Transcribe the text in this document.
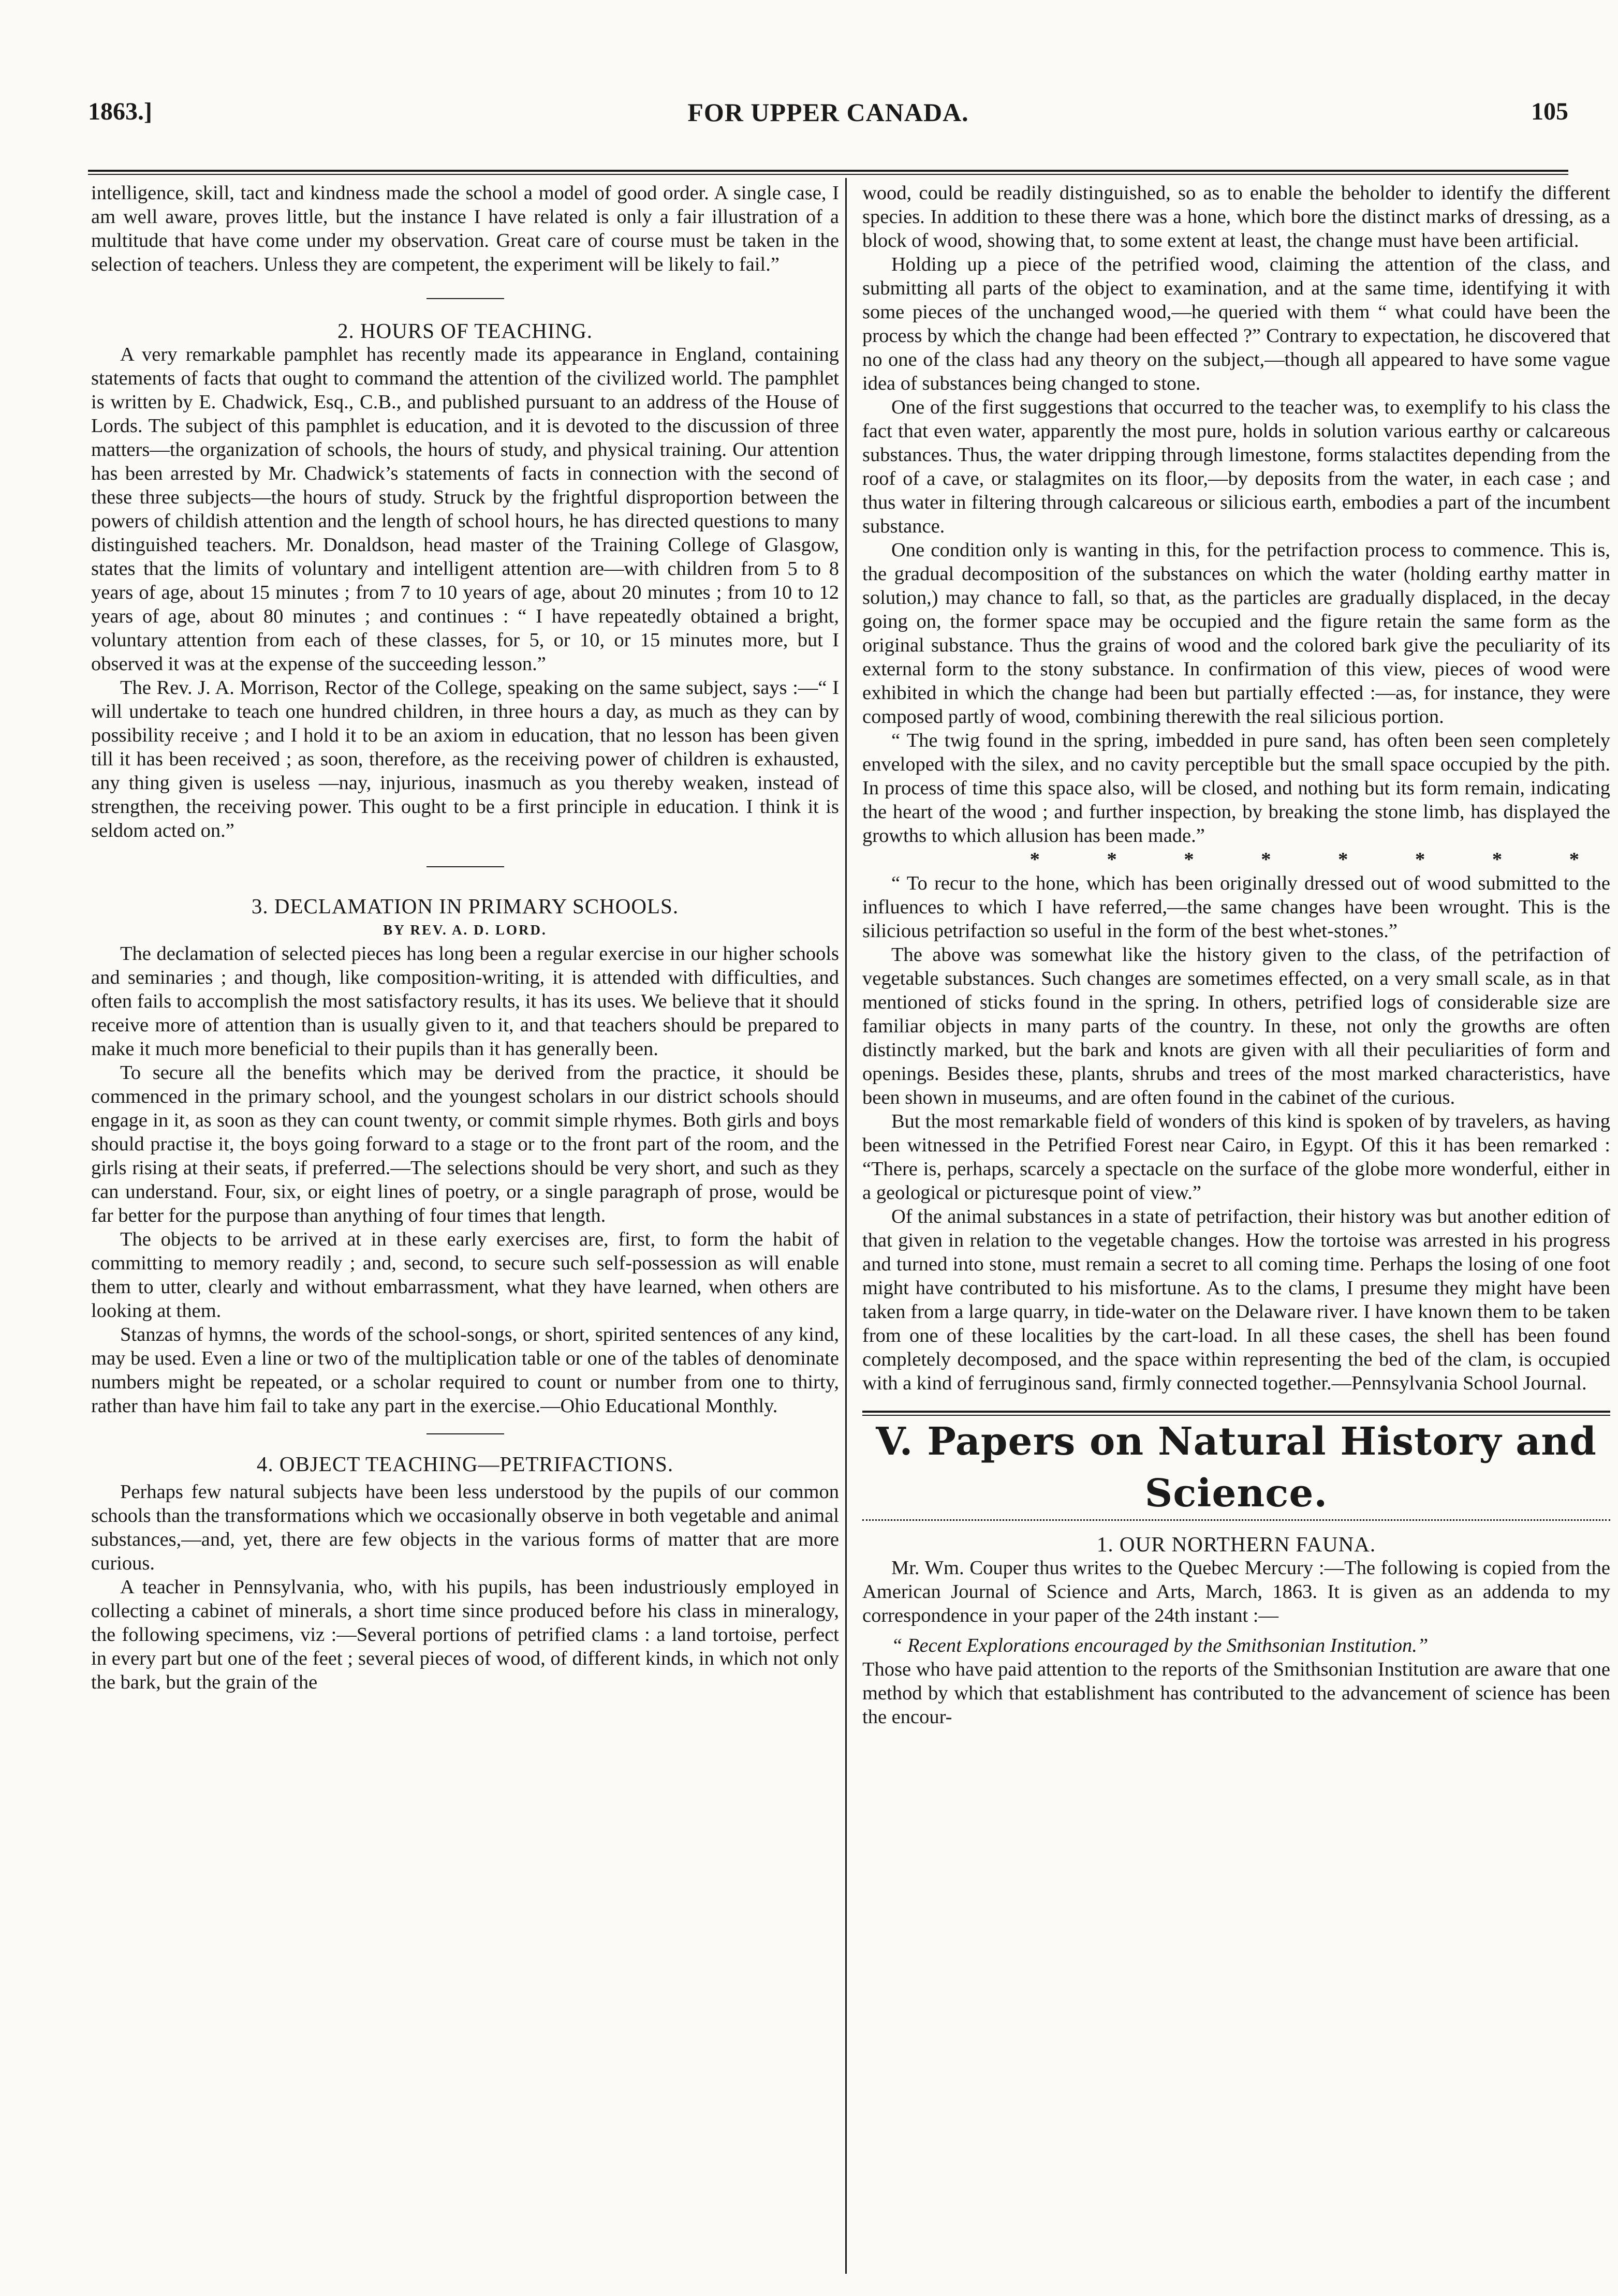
1863.]	FOR UPPER CANADA.	105

intelligence, skill, tact and kindness made the school a model of good order. A single case, I am well aware, proves little, but the instance I have related is only a fair illustration of a multitude that have come under my observation. Great care of course must be taken in the selection of teachers. Unless they are competent, the experiment will be likely to fail.”

2. HOURS OF TEACHING.

A very remarkable pamphlet has recently made its appearance in England, containing statements of facts that ought to command the attention of the civilized world. The pamphlet is written by E. Chadwick, Esq., C.B., and published pursuant to an address of the House of Lords. The subject of this pamphlet is education, and it is devoted to the discussion of three matters—the organization of schools, the hours of study, and physical training. Our attention has been arrested by Mr. Chadwick’s statements of facts in connection with the second of these three subjects—the hours of study. Struck by the frightful disproportion between the powers of childish attention and the length of school hours, he has directed questions to many distinguished teachers. Mr. Donaldson, head master of the Training College of Glasgow, states that the limits of voluntary and intelligent attention are—with children from 5 to 8 years of age, about 15 minutes ; from 7 to 10 years of age, about 20 minutes ; from 10 to 12 years of age, about 80 minutes ; and continues : “ I have repeatedly obtained a bright, voluntary attention from each of these classes, for 5, or 10, or 15 minutes more, but I observed it was at the expense of the succeeding lesson.”

The Rev. J. A. Morrison, Rector of the College, speaking on the same subject, says :—“ I will undertake to teach one hundred children, in three hours a day, as much as they can by possibility receive ; and I hold it to be an axiom in education, that no lesson has been given till it has been received ; as soon, therefore, as the receiving power of children is exhausted, any thing given is useless —nay, injurious, inasmuch as you thereby weaken, instead of strengthen, the receiving power. This ought to be a first principle in education. I think it is seldom acted on.”

3. DECLAMATION IN PRIMARY SCHOOLS.
BY REV. A. D. LORD.

The declamation of selected pieces has long been a regular exercise in our higher schools and seminaries ; and though, like composition-writing, it is attended with difficulties, and often fails to accomplish the most satisfactory results, it has its uses. We believe that it should receive more of attention than is usually given to it, and that teachers should be prepared to make it much more beneficial to their pupils than it has generally been.

To secure all the benefits which may be derived from the practice, it should be commenced in the primary school, and the youngest scholars in our district schools should engage in it, as soon as they can count twenty, or commit simple rhymes. Both girls and boys should practise it, the boys going forward to a stage or to the front part of the room, and the girls rising at their seats, if preferred.—The selections should be very short, and such as they can understand. Four, six, or eight lines of poetry, or a single paragraph of prose, would be far better for the purpose than anything of four times that length.

The objects to be arrived at in these early exercises are, first, to form the habit of committing to memory readily ; and, second, to secure such self-possession as will enable them to utter, clearly and without embarrassment, what they have learned, when others are looking at them.

Stanzas of hymns, the words of the school-songs, or short, spirited sentences of any kind, may be used. Even a line or two of the multiplication table or one of the tables of denominate numbers might be repeated, or a scholar required to count or number from one to thirty, rather than have him fail to take any part in the exercise.—Ohio Educational Monthly.

4. OBJECT TEACHING—PETRIFACTIONS.

Perhaps few natural subjects have been less understood by the pupils of our common schools than the transformations which we occasionally observe in both vegetable and animal substances,—and, yet, there are few objects in the various forms of matter that are more curious.

A teacher in Pennsylvania, who, with his pupils, has been industriously employed in collecting a cabinet of minerals, a short time since produced before his class in mineralogy, the following specimens, viz :—Several portions of petrified clams : a land tortoise, perfect in every part but one of the feet ; several pieces of wood, of different kinds, in which not only the bark, but the grain of the

wood, could be readily distinguished, so as to enable the beholder to identify the different species. In addition to these there was a hone, which bore the distinct marks of dressing, as a block of wood, showing that, to some extent at least, the change must have been artificial.

Holding up a piece of the petrified wood, claiming the attention of the class, and submitting all parts of the object to examination, and at the same time, identifying it with some pieces of the unchanged wood,—he queried with them “ what could have been the process by which the change had been effected ?” Contrary to expectation, he discovered that no one of the class had any theory on the subject,—though all appeared to have some vague idea of substances being changed to stone.

One of the first suggestions that occurred to the teacher was, to exemplify to his class the fact that even water, apparently the most pure, holds in solution various earthy or calcareous substances. Thus, the water dripping through limestone, forms stalactites depending from the roof of a cave, or stalagmites on its floor,—by deposits from the water, in each case ; and thus water in filtering through calcareous or silicious earth, embodies a part of the incumbent substance.

One condition only is wanting in this, for the petrifaction process to commence. This is, the gradual decomposition of the substances on which the water (holding earthy matter in solution,) may chance to fall, so that, as the particles are gradually displaced, in the decay going on, the former space may be occupied and the figure retain the same form as the original substance. Thus the grains of wood and the colored bark give the peculiarity of its external form to the stony substance. In confirmation of this view, pieces of wood were exhibited in which the change had been but partially effected :—as, for instance, they were composed partly of wood, combining therewith the real silicious portion.

“ The twig found in the spring, imbedded in pure sand, has often been seen completely enveloped with the silex, and no cavity perceptible but the small space occupied by the pith. In process of time this space also, will be closed, and nothing but its form remain, indicating the heart of the wood ; and further inspection, by breaking the stone limb, has displayed the growths to which allusion has been made.”

* * * * * * * *

“ To recur to the hone, which has been originally dressed out of wood submitted to the influences to which I have referred,—the same changes have been wrought. This is the silicious petrifaction so useful in the form of the best whet-stones.”

The above was somewhat like the history given to the class, of the petrifaction of vegetable substances. Such changes are sometimes effected, on a very small scale, as in that mentioned of sticks found in the spring. In others, petrified logs of considerable size are familiar objects in many parts of the country. In these, not only the growths are often distinctly marked, but the bark and knots are given with all their peculiarities of form and openings. Besides these, plants, shrubs and trees of the most marked characteristics, have been shown in museums, and are often found in the cabinet of the curious.

But the most remarkable field of wonders of this kind is spoken of by travelers, as having been witnessed in the Petrified Forest near Cairo, in Egypt. Of this it has been remarked : “There is, perhaps, scarcely a spectacle on the surface of the globe more wonderful, either in a geological or picturesque point of view.”

Of the animal substances in a state of petrifaction, their history was but another edition of that given in relation to the vegetable changes. How the tortoise was arrested in his progress and turned into stone, must remain a secret to all coming time. Perhaps the losing of one foot might have contributed to his misfortune. As to the clams, I presume they might have been taken from a large quarry, in tide-water on the Delaware river. I have known them to be taken from one of these localities by the cart-load. In all these cases, the shell has been found completely decomposed, and the space within representing the bed of the clam, is occupied with a kind of ferruginous sand, firmly connected together.—Pennsylvania School Journal.

V. Papers on Natural History and Science.
1. OUR NORTHERN FAUNA.

Mr. Wm. Couper thus writes to the Quebec Mercury :—The following is copied from the American Journal of Science and Arts, March, 1863. It is given as an addenda to my correspondence in your paper of the 24th instant :—

“ Recent Explorations encouraged by the Smithsonian Institution.”

Those who have paid attention to the reports of the Smithsonian Institution are aware that one method by which that establishment has contributed to the advancement of science has been the encour-
